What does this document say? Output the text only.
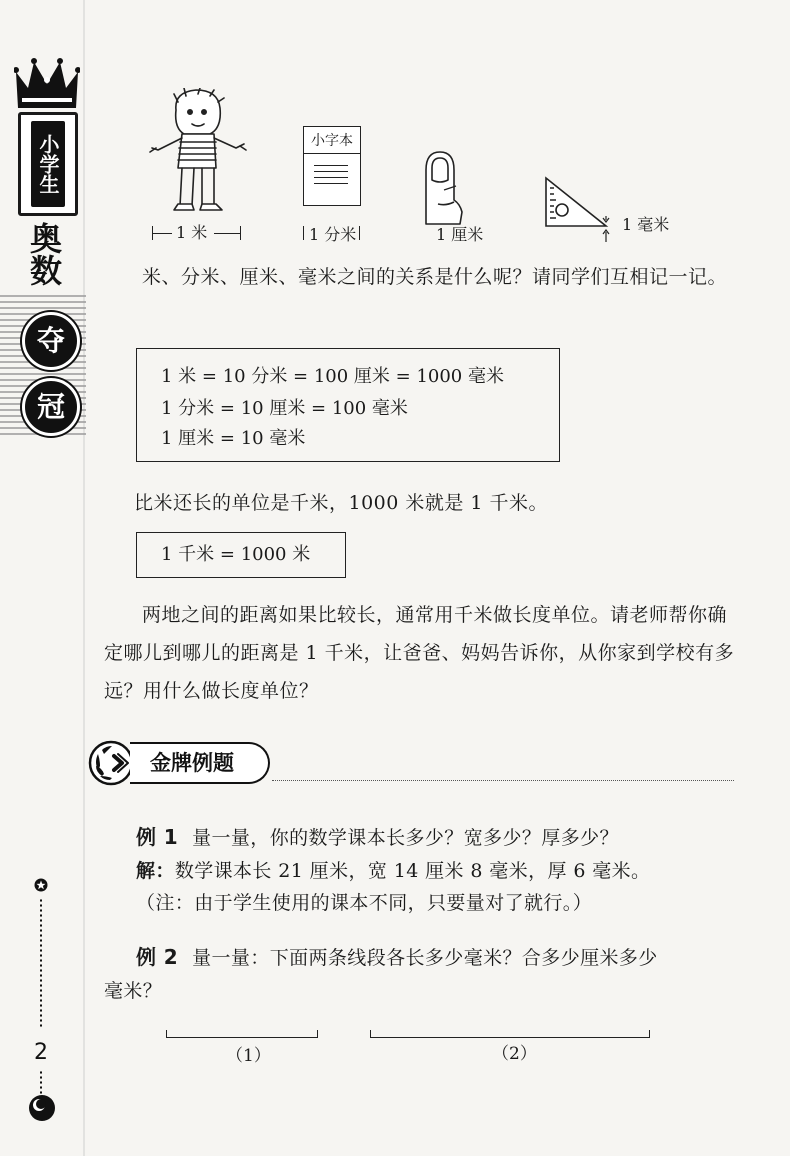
小学生
奥数
夺
冠
2
小字本
1 米	1 分米	1 厘米
1 毫米
米、分米、厘米、毫米之间的关系是什么呢？请同学们互相记一记。
1 米 = 10 分米 = 100 厘米 = 1000 毫米
1 分米 = 10 厘米 = 100 毫米
1 厘米 = 10 毫米
比米还长的单位是千米，1000 米就是 1 千米。
1 千米 = 1000 米
两地之间的距离如果比较长，通常用千米做长度单位。请老师帮你确定哪儿到哪儿的距离是 1 千米，让爸爸、妈妈告诉你，从你家到学校有多远？用什么做长度单位？
金牌例题
例 1 量一量，你的数学课本长多少？宽多少？厚多少？
解：数学课本长 21 厘米，宽 14 厘米 8 毫米，厚 6 毫米。
（注：由于学生使用的课本不同，只要量对了就行。）
例 2 量一量：下面两条线段各长多少毫米？合多少厘米多少
毫米？
（1）	（2）
